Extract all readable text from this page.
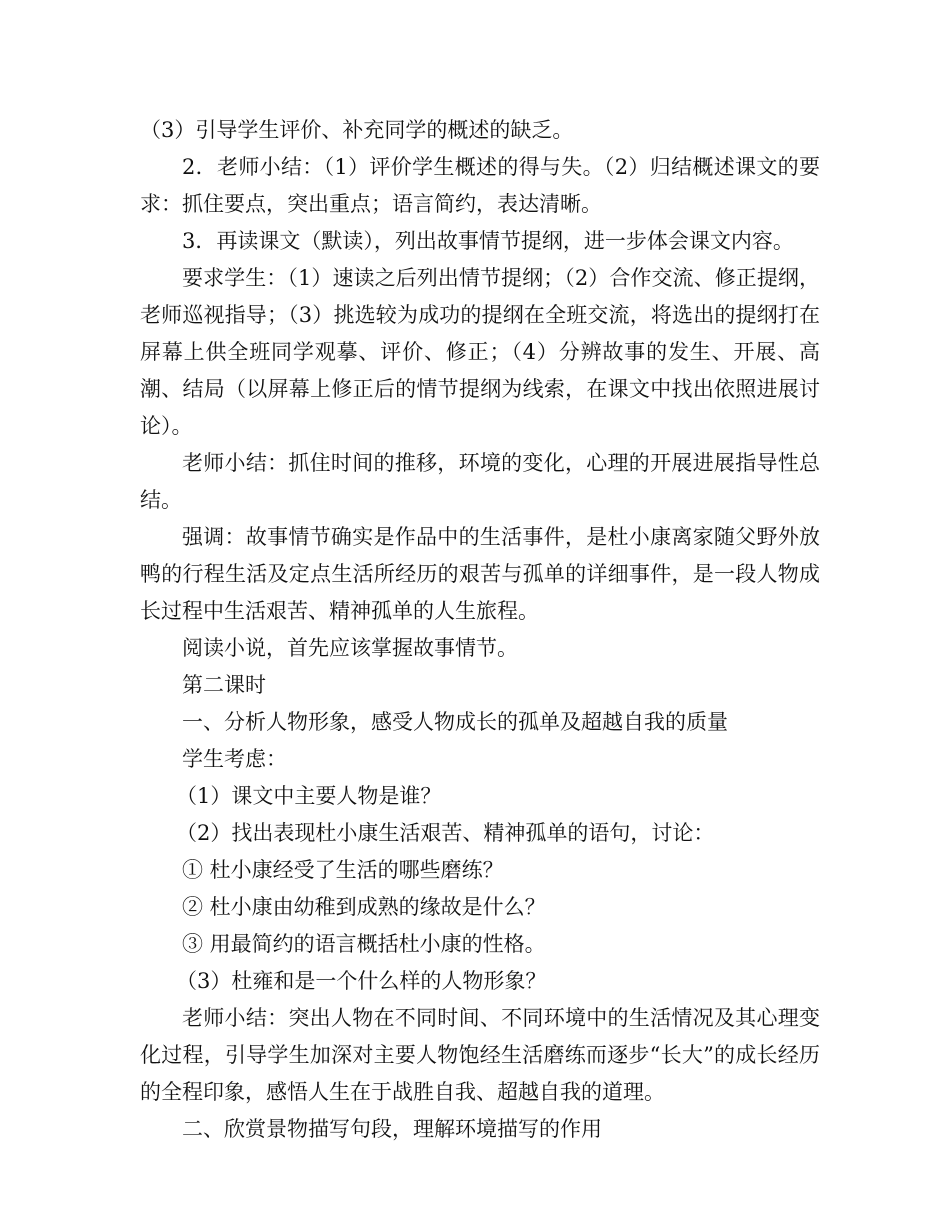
（3）引导学生评价、补充同学的概述的缺乏。

2．老师小结：（1）评价学生概述的得与失。（2）归结概述课文的要求：抓住要点，突出重点；语言简约，表达清晰。

3．再读课文（默读），列出故事情节提纲，进一步体会课文内容。

要求学生：（1）速读之后列出情节提纲；（2）合作交流、修正提纲，老师巡视指导；（3）挑选较为成功的提纲在全班交流，将选出的提纲打在屏幕上供全班同学观摹、评价、修正；（4）分辨故事的发生、开展、高潮、结局（以屏幕上修正后的情节提纲为线索，在课文中找出依照进展讨论）。

老师小结：抓住时间的推移，环境的变化，心理的开展进展指导性总结。

强调：故事情节确实是作品中的生活事件，是杜小康离家随父野外放鸭的行程生活及定点生活所经历的艰苦与孤单的详细事件，是一段人物成长过程中生活艰苦、精神孤单的人生旅程。

阅读小说，首先应该掌握故事情节。

第二课时

一、分析人物形象，感受人物成长的孤单及超越自我的质量

学生考虑：

（1）课文中主要人物是谁？

（2）找出表现杜小康生活艰苦、精神孤单的语句，讨论：

① 杜小康经受了生活的哪些磨练？

② 杜小康由幼稚到成熟的缘故是什么？

③ 用最简约的语言概括杜小康的性格。

（3）杜雍和是一个什么样的人物形象？

老师小结：突出人物在不同时间、不同环境中的生活情况及其心理变化过程，引导学生加深对主要人物饱经生活磨练而逐步“长大”的成长经历的全程印象，感悟人生在于战胜自我、超越自我的道理。

二、欣赏景物描写句段，理解环境描写的作用
